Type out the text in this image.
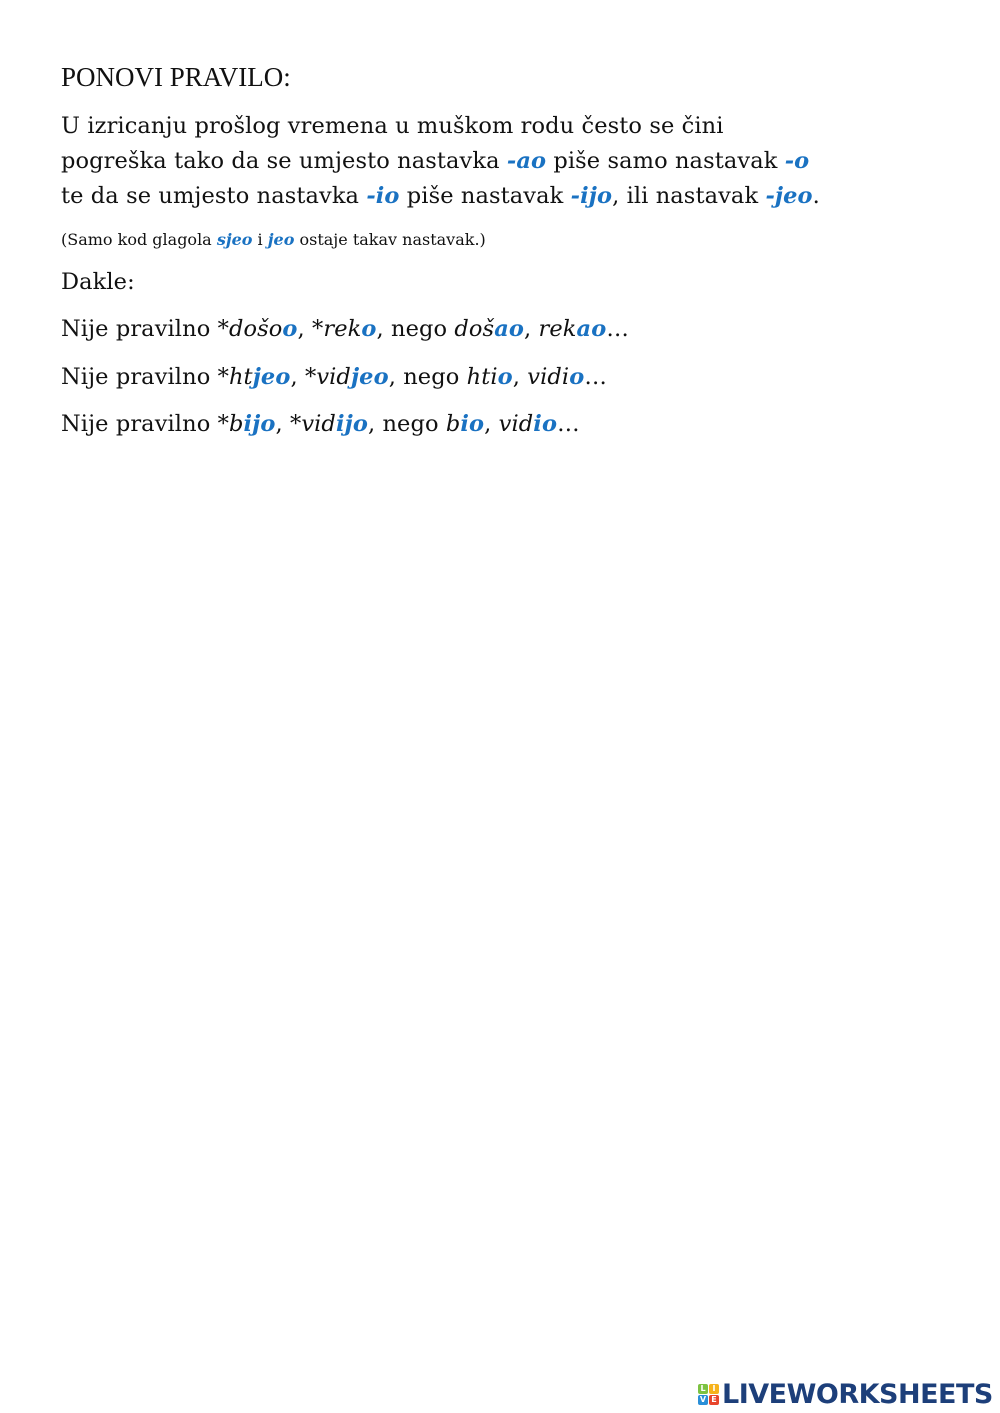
PONOVI PRAVILO:
U izricanju prošlog vremena u muškom rodu često se čini
pogreška tako da se umjesto nastavka -ao piše samo nastavak -o
te da se umjesto nastavka -io piše nastavak -ijo, ili nastavak -jeo.
(Samo kod glagola sjeo i jeo ostaje takav nastavak.)
Dakle:
Nije pravilno *došoo, *reko, nego došao, rekao…
Nije pravilno *htjeo, *vidjeo, nego htio, vidio…
Nije pravilno *bijo, *vidijo, nego bio, vidio…
L I
V E LIVEWORKSHEETS
